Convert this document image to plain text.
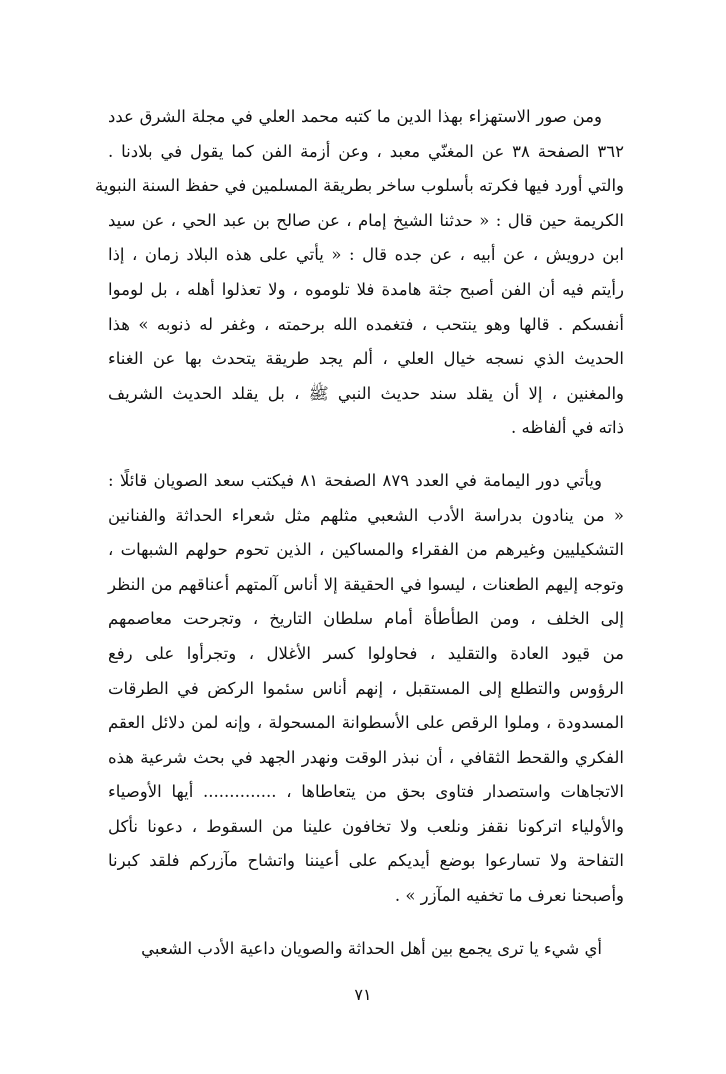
ومن صور الاستهزاء بهذا الدين ما كتبه محمد العلي في مجلة الشرق عدد

٣٦٢ الصفحة ٣٨ عن المغنّي معبد ، وعن أزمة الفن كما يقول في بلادنا .

والتي أورد فيها فكرته بأسلوب ساخر بطريقة المسلمين في حفظ السنة النبوية

الكريمة حين قال : « حدثنا الشيخ إمام ، عن صالح بن عبد الحي ، عن سيد

ابن درويش ، عن أبيه ، عن جده قال : « يأتي على هذه البلاد زمان ، إذا

رأيتم فيه أن الفن أصبح جثة هامدة فلا تلوموه ، ولا تعذلوا أهله ، بل لوموا

أنفسكم . قالها وهو ينتحب ، فتغمده الله برحمته ، وغفر له ذنوبه » هذا

الحديث الذي نسجه خيال العلي ، ألم يجد طريقة يتحدث بها عن الغناء

والمغنين ، إلا أن يقلد سند حديث النبي ﷺ ، بل يقلد الحديث الشريف

ذاته في ألفاظه .

ويأتي دور اليمامة في العدد ٨٧٩ الصفحة ٨١ فيكتب سعد الصويان قائلًا :

« من ينادون بدراسة الأدب الشعبي مثلهم مثل شعراء الحداثة والفنانين

التشكيليين وغيرهم من الفقراء والمساكين ، الذين تحوم حولهم الشبهات ،

وتوجه إليهم الطعنات ، ليسوا في الحقيقة إلا أناس آلمتهم أعناقهم من النظر

إلى الخلف ، ومن الطأطأة أمام سلطان التاريخ ، وتجرحت معاصمهم

من قيود العادة والتقليد ، فحاولوا كسر الأغلال ، وتجرأوا على رفع

الرؤوس والتطلع إلى المستقبل ، إنهم أناس سئموا الركض في الطرقات

المسدودة ، وملوا الرقص على الأسطوانة المسحولة ، وإنه لمن دلائل العقم

الفكري والقحط الثقافي ، أن نبذر الوقت ونهدر الجهد في بحث شرعية هذه

الاتجاهات واستصدار فتاوى بحق من يتعاطاها ، .............. أيها الأوصياء

والأولياء اتركونا نقفز ونلعب ولا تخافون علينا من السقوط ، دعونا نأكل

التفاحة ولا تسارعوا بوضع أيديكم على أعيننا واتشاح مآزركم فلقد كبرنا

وأصبحنا نعرف ما تخفيه المآزر » .

أي شيء يا ترى يجمع بين أهل الحداثة والصويان داعية الأدب الشعبي

٧١
